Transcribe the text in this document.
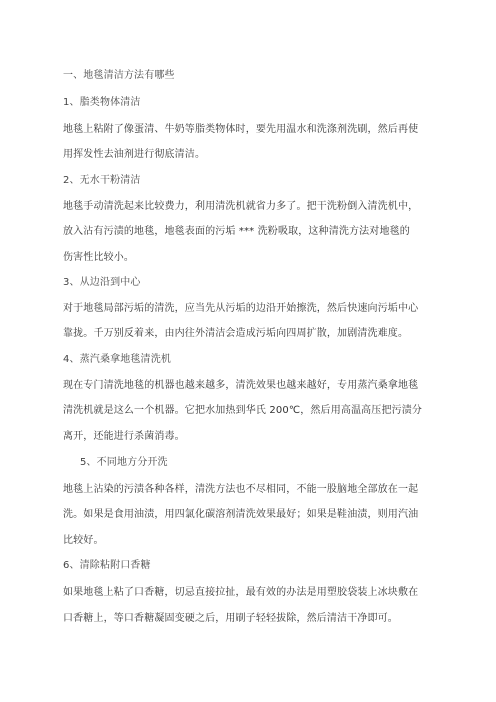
一、地毯清洁方法有哪些
1、脂类物体清洁
地毯上粘附了像蛋清、牛奶等脂类物体时，要先用温水和洗涤剂洗刷，然后再使
用挥发性去油剂进行彻底清洁。
2、无水干粉清洁
地毯手动清洗起来比较费力，利用清洗机就省力多了。把干洗粉倒入清洗机中，
放入沾有污渍的地毯，地毯表面的污垢 *** 洗粉吸取，这种清洗方法对地毯的
伤害性比较小。
3、从边沿到中心
对于地毯局部污垢的清洗，应当先从污垢的边沿开始擦洗，然后快速向污垢中心
靠拢。千万别反着来，由内往外清洁会造成污垢向四周扩散，加剧清洗难度。
4、蒸汽桑拿地毯清洗机
现在专门清洗地毯的机器也越来越多，清洗效果也越来越好，专用蒸汽桑拿地毯
清洗机就是这么一个机器。它把水加热到华氏 200℃，然后用高温高压把污渍分
离开，还能进行杀菌消毒。
5、不同地方分开洗
地毯上沾染的污渍各种各样，清洗方法也不尽相同，不能一股脑地全部放在一起
洗。如果是食用油渍，用四氯化碳溶剂清洗效果最好；如果是鞋油渍，则用汽油
比较好。
6、清除粘附口香糖
如果地毯上粘了口香糖，切忌直接拉扯，最有效的办法是用塑胶袋装上冰块敷在
口香糖上，等口香糖凝固变硬之后，用刷子轻轻拔除，然后清洁干净即可。
